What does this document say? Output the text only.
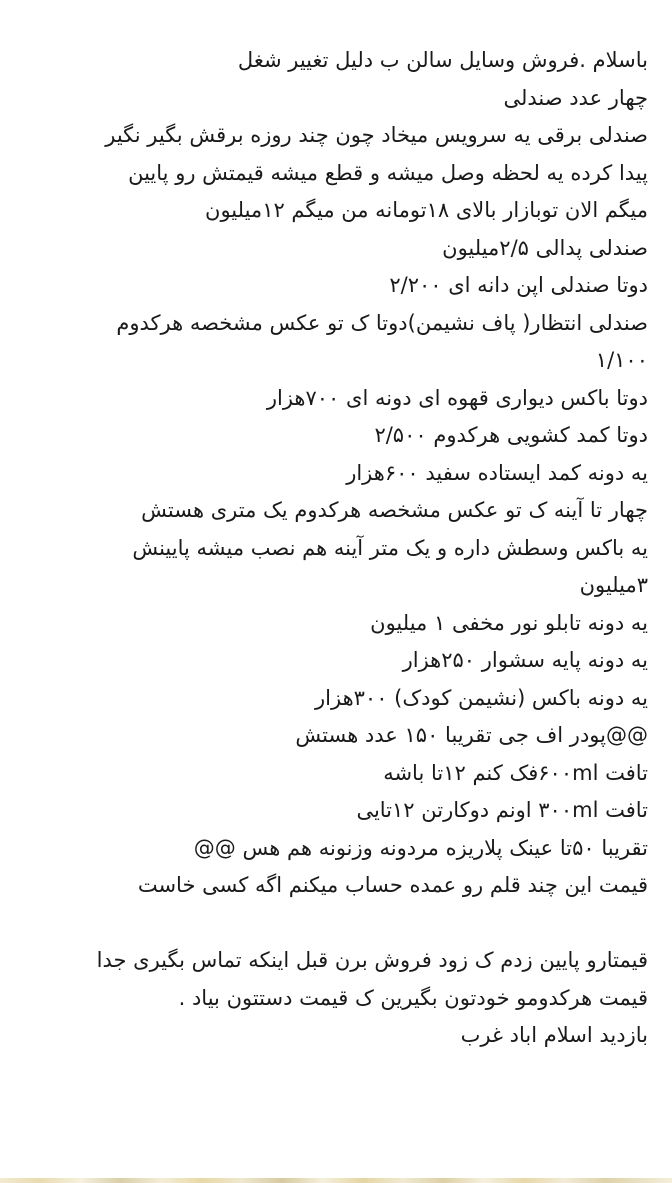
باسلام .فروش وسایل سالن ب دلیل تغییر شغل
چهار عدد صندلی
صندلی برقی یه سرویس میخاد چون چند روزه برقش بگیر نگیر
پیدا کرده یه لحظه وصل میشه و قطع میشه قیمتش رو پایین
میگم الان توبازار بالای ۱۸تومانه من میگم ۱۲میلیون
صندلی پدالی ۲/۵میلیون
دوتا صندلی اپن دانه ای ۲/۲۰۰
صندلی انتظار( پاف نشیمن)دوتا ک تو عکس مشخصه هرکدوم
۱/۱۰۰
دوتا باکس دیواری قهوه ای دونه ای ۷۰۰هزار
دوتا کمد کشویی هرکدوم ۲/۵۰۰
یه دونه کمد ایستاده سفید ۶۰۰هزار
چهار تا آینه ک تو عکس مشخصه هرکدوم یک متری هستش
یه باکس وسطش داره و یک متر آینه هم نصب میشه پایینش
۳میلیون
یه دونه تابلو نور مخفی ۱ میلیون
یه دونه پایه سشوار ۲۵۰هزار
یه دونه باکس (نشیمن کودک) ۳۰۰هزار
@@پودر اف جی تقریبا ۱۵۰ عدد هستش
تافت ۶۰۰mlفک کنم ۱۲تا باشه
تافت ۳۰۰ml اونم دوکارتن ۱۲تایی
تقریبا ۵۰تا عینک پلاریزه مردونه وزنونه هم هس @@
قیمت این چند قلم رو عمده حساب میکنم اگه کسی خاست
قیمتارو پایین زدم ک زود فروش برن قبل اینکه تماس بگیری جدا
قیمت هرکدومو خودتون بگیرین ک قیمت دستتون بیاد .
بازدید اسلام اباد غرب
